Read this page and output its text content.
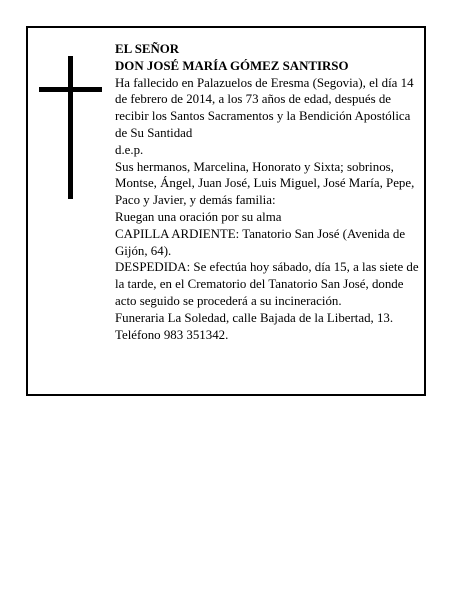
EL SEÑOR

DON JOSÉ MARÍA GÓMEZ SANTIRSO

Ha fallecido en Palazuelos de Eresma (Segovia), el día 14 de febrero de 2014, a los 73 años de edad, después de recibir los Santos Sacramentos y la Bendición Apostólica de Su Santidad

d.e.p.

Sus hermanos, Marcelina, Honorato y Sixta; sobrinos, Montse, Ángel, Juan José, Luis Miguel, José María, Pepe, Paco y Javier, y demás familia:

Ruegan una oración por su alma

CAPILLA ARDIENTE: Tanatorio San José (Avenida de Gijón, 64).

DESPEDIDA: Se efectúa hoy sábado, día 15, a las siete de la tarde, en el Crematorio del Tanatorio San José, donde acto seguido se procederá a su incineración.

Funeraria La Soledad, calle Bajada de la Libertad, 13. Teléfono 983 351342.
